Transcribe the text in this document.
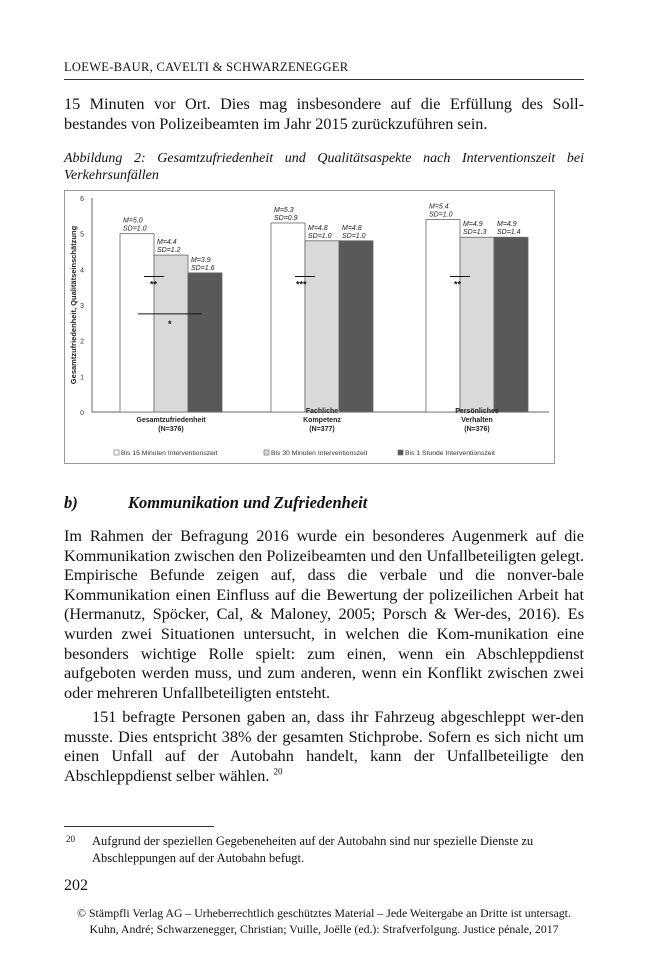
LOEWE-BAUR, CAVELTI & SCHWARZENEGGER
15 Minuten vor Ort. Dies mag insbesondere auf die Erfüllung des Soll-bestandes von Polizeibeamten im Jahr 2015 zurückzuführen sein.
Abbildung 2: Gesamtzufriedenheit und Qualitätsaspekte nach Interventionszeit bei Verkehrsunfällen
0
1
2
3
4
5
6
Gesamtzufriedenheit, Qualitätseinschätzung
M=5.0
SD=1.0
M=5.3
SD=0.9
M=5.4
SD=1.0
M=4.4
SD=1.2
M=4.8
SD=1.0
M=4.9
SD=1.3
M=3.9
SD=1.6
M=4.8
SD=1.0
M=4.9
SD=1.4
**
*
***	**
Gesamtzufriedenheit
(N=376)
Fachliche
Kompetenz
(N=377)
Persönliches
Verhalten
(N=376)
Bis 15 Minuten Interventionszeit	Bis 30 Minuten Interventionszeit	Bis 1 Stunde Interventionszeit
b)	Kommunikation und Zufriedenheit
Im Rahmen der Befragung 2016 wurde ein besonderes Augenmerk auf die Kommunikation zwischen den Polizeibeamten und den Unfallbeteiligten gelegt. Empirische Befunde zeigen auf, dass die verbale und die nonver-bale Kommunikation einen Einfluss auf die Bewertung der polizeilichen Arbeit hat (Hermanutz, Spöcker, Cal, & Maloney, 2005; Porsch & Wer-des, 2016). Es wurden zwei Situationen untersucht, in welchen die Kom-munikation eine besonders wichtige Rolle spielt: zum einen, wenn ein Abschleppdienst aufgeboten werden muss, und zum anderen, wenn ein Konflikt zwischen zwei oder mehreren Unfallbeteiligten entsteht.
151 befragte Personen gaben an, dass ihr Fahrzeug abgeschleppt wer-den musste. Dies entspricht 38% der gesamten Stichprobe. Sofern es sich nicht um einen Unfall auf der Autobahn handelt, kann der Unfallbeteiligte den Abschleppdienst selber wählen. $^{20}$
20 Aufgrund der speziellen Gegebeneheiten auf der Autobahn sind nur spezielle Dienste zu Abschleppungen auf der Autobahn befugt.
202
© Stämpfli Verlag AG – Urheberrechtlich geschütztes Material – Jede Weitergabe an Dritte ist untersagt.
Kuhn, André; Schwarzenegger, Christian; Vuille, Joëlle (ed.): Strafverfolgung. Justice pénale, 2017
